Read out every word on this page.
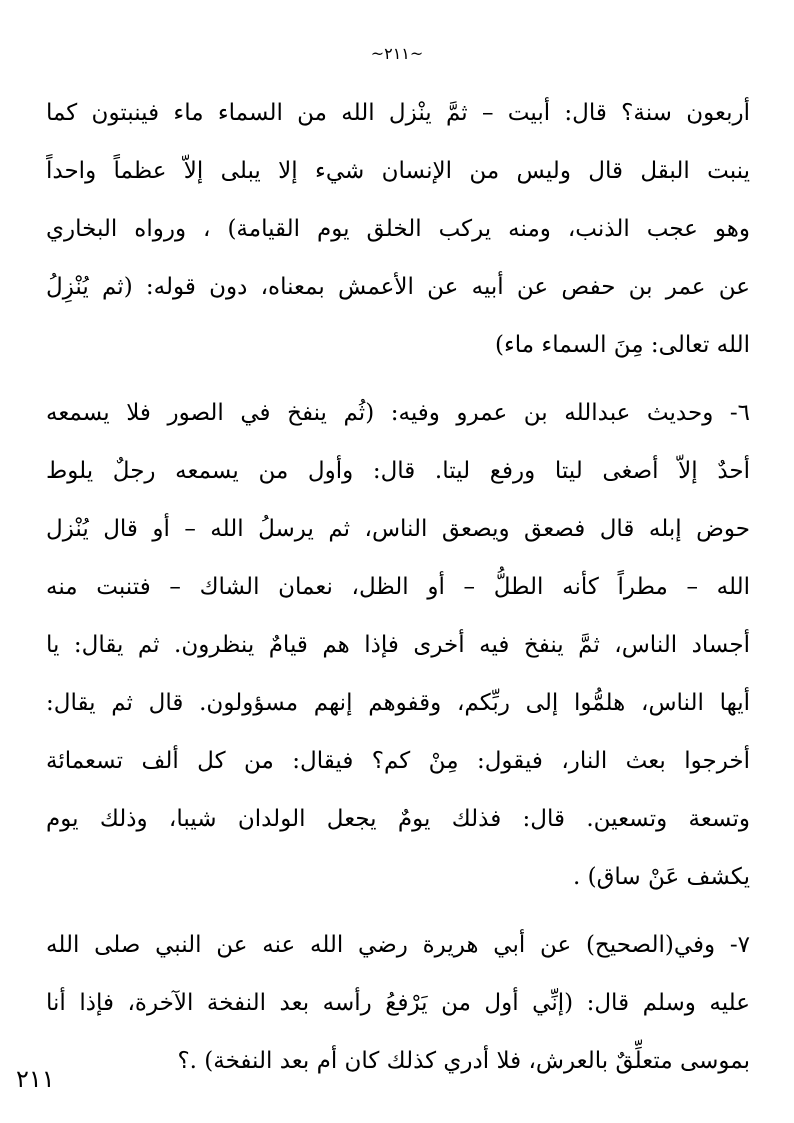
~٢١١~

أربعون سنة؟ قال: أبيت – ثمَّ ينْزل الله من السماء ماء فينبتون كما
ينبت البقل قال وليس من الإنسان شيء إلا يبلى إلاّ عظماً واحداً
وهو عجب الذنب، ومنه يركب الخلق يوم القيامة) ، ورواه البخاري
عن عمر بن حفص عن أبيه عن الأعمش بمعناه، دون قوله: (ثم يُنْزِلُ
الله تعالى: مِنَ السماء ماء)

٦- وحديث عبدالله بن عمرو وفيه: (ثُم ينفخ في الصور فلا يسمعه
أحدٌ إلاّ أصغى ليتا ورفع ليتا. قال: وأول من يسمعه رجلٌ يلوط
حوض إبله قال فصعق ويصعق الناس، ثم يرسلُ الله – أو قال يُنْزل
الله – مطراً كأنه الطلُّ – أو الظل، نعمان الشاك – فتنبت منه
أجساد الناس، ثمَّ ينفخ فيه أخرى فإذا هم قيامٌ ينظرون. ثم يقال: يا
أيها الناس، هلمُّوا إلى ربِّكم، وقفوهم إنهم مسؤولون. قال ثم يقال:
أخرجوا بعث النار، فيقول: مِنْ كم؟ فيقال: من كل ألف تسعمائة
وتسعة وتسعين. قال: فذلك يومٌ يجعل الولدان شيبا، وذلك يوم
يكشف عَنْ ساق) .

٧- وفي(الصحيح) عن أبي هريرة رضي الله عنه عن النبي صلى الله
عليه وسلم قال: (إنِّي أول من يَرْفعُ رأسه بعد النفخة الآخرة، فإذا أنا
بموسى متعلِّقٌ بالعرش، فلا أدري كذلك كان أم بعد النفخة) .؟

٢١١
